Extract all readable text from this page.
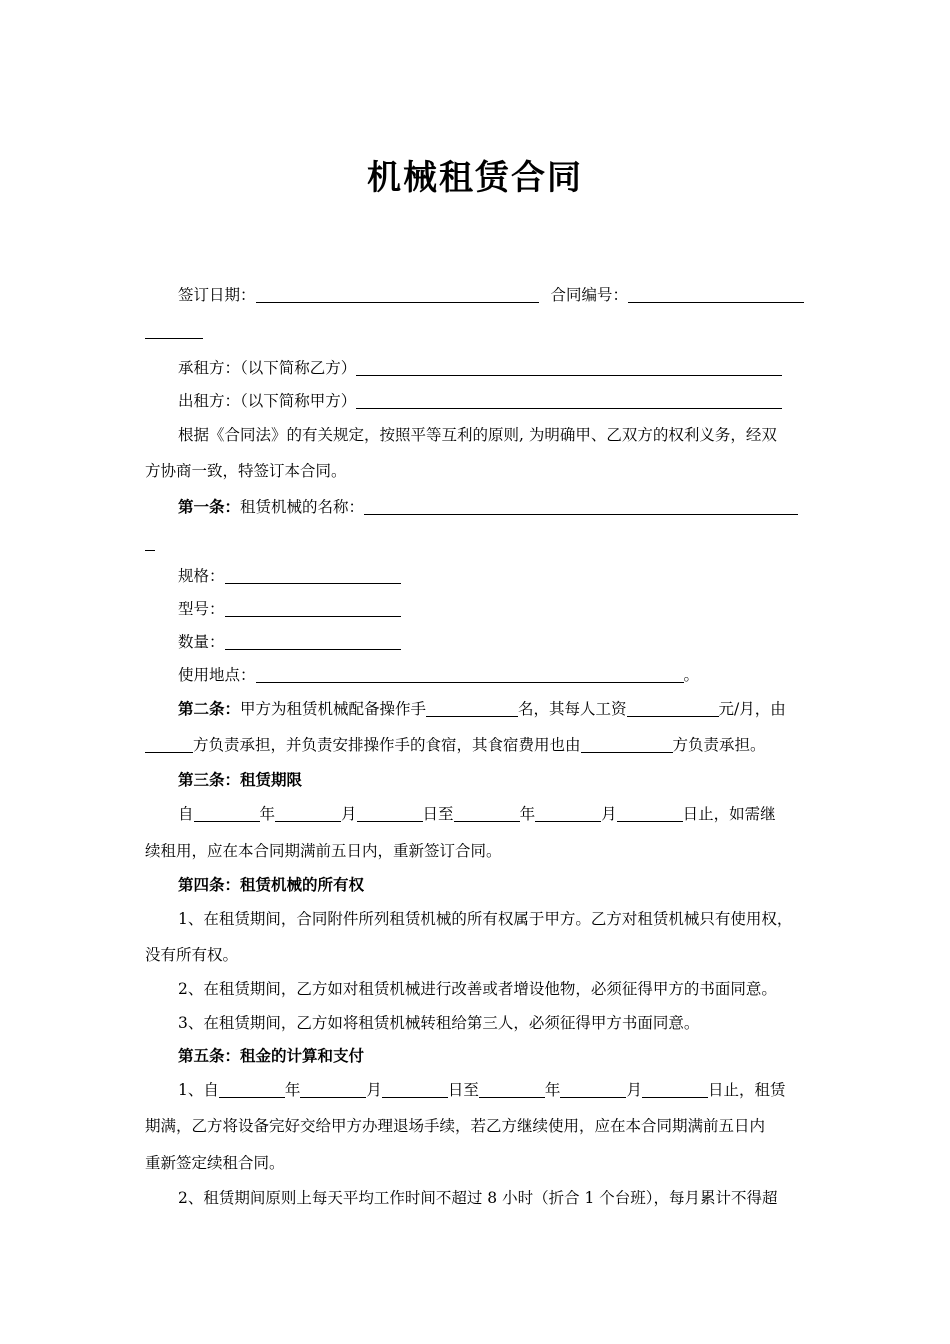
机械租赁合同
签订日期：	合同编号：
承租方：（以下简称乙方）
出租方：（以下简称甲方）
根据《合同法》的有关规定，按照平等互利的原则, 为明确甲、乙双方的权利义务，经双
方协商一致，特签订本合同。
第一条：租赁机械的名称：
规格：
型号：
数量：
使用地点：	。
第二条：甲方为租赁机械配备操作手	名，其每人工资	元/月，由
方负责承担，并负责安排操作手的食宿，其食宿费用也由	方负责承担。
第三条：租赁期限
自	年	月	日至	年	月	日止，如需继
续租用，应在本合同期满前五日内，重新签订合同。
第四条：租赁机械的所有权
1、在租赁期间，合同附件所列租赁机械的所有权属于甲方。乙方对租赁机械只有使用权，
没有所有权。
2、在租赁期间，乙方如对租赁机械进行改善或者增设他物，必须征得甲方的书面同意。
3、在租赁期间，乙方如将租赁机械转租给第三人，必须征得甲方书面同意。
第五条：租金的计算和支付
1、自	年	月	日至	年	月	日止，租赁
期满，乙方将设备完好交给甲方办理退场手续，若乙方继续使用，应在本合同期满前五日内
重新签定续租合同。
2、租赁期间原则上每天平均工作时间不超过 8 小时（折合 1 个台班），每月累计不得超
